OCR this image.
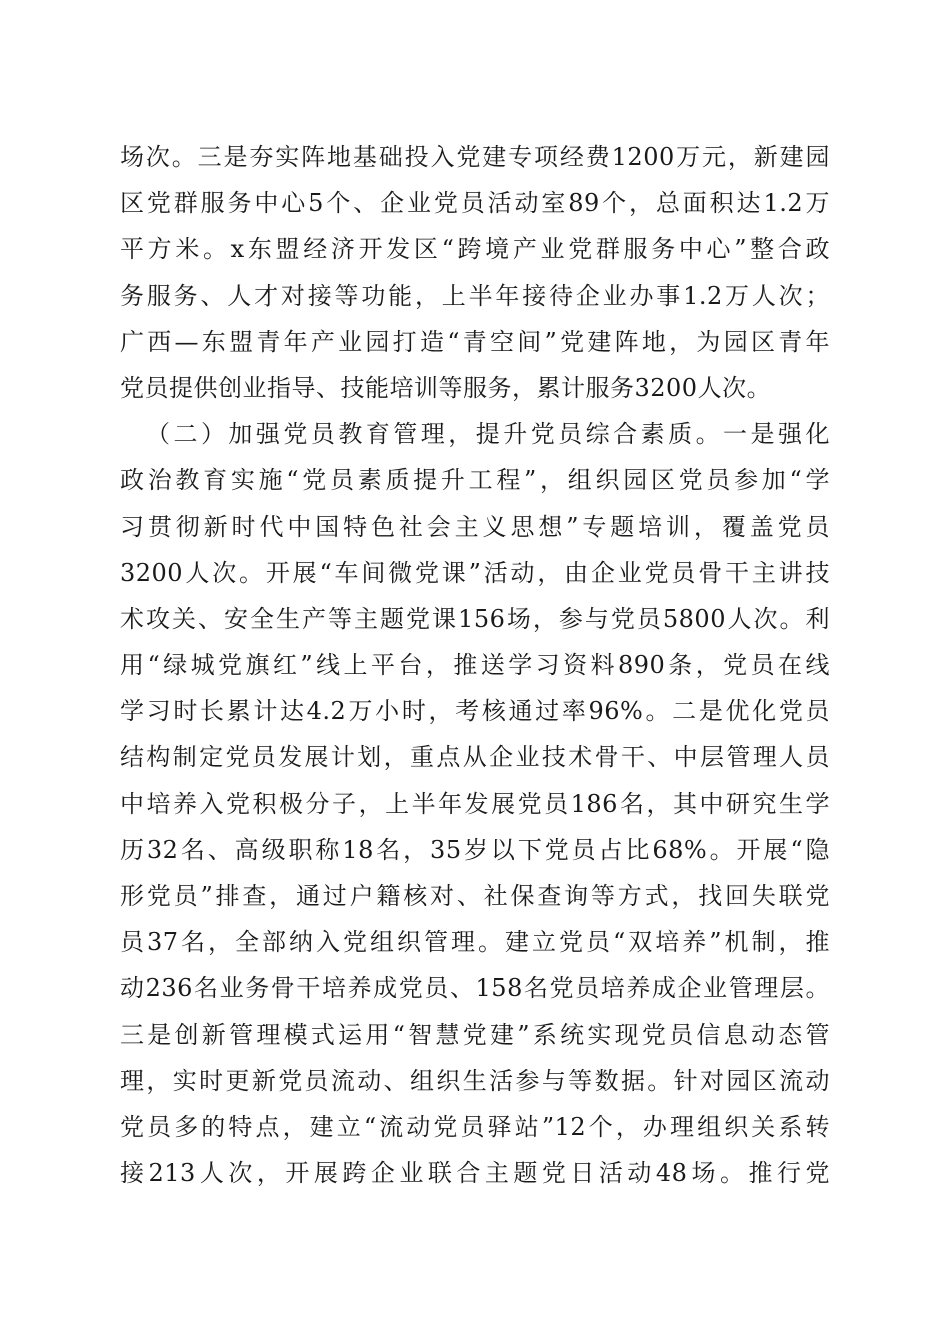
场次。三是夯实阵地基础投入党建专项经费1200万元，新建园
区党群服务中心5个、企业党员活动室89个，总面积达1.2万
平方米。x东盟经济开发区“跨境产业党群服务中心”整合政
务服务、人才对接等功能，上半年接待企业办事1.2万人次；
广西—东盟青年产业园打造“青空间”党建阵地，为园区青年
党员提供创业指导、技能培训等服务，累计服务3200人次。
（二）加强党员教育管理，提升党员综合素质。一是强化
政治教育实施“党员素质提升工程”，组织园区党员参加“学
习贯彻新时代中国特色社会主义思想”专题培训，覆盖党员
3200人次。开展“车间微党课”活动，由企业党员骨干主讲技
术攻关、安全生产等主题党课156场，参与党员5800人次。利
用“绿城党旗红”线上平台，推送学习资料890条，党员在线
学习时长累计达4.2万小时，考核通过率96%。二是优化党员
结构制定党员发展计划，重点从企业技术骨干、中层管理人员
中培养入党积极分子，上半年发展党员186名，其中研究生学
历32名、高级职称18名，35岁以下党员占比68%。开展“隐
形党员”排查，通过户籍核对、社保查询等方式，找回失联党
员37名，全部纳入党组织管理。建立党员“双培养”机制，推
动236名业务骨干培养成党员、158名党员培养成企业管理层。
三是创新管理模式运用“智慧党建”系统实现党员信息动态管
理，实时更新党员流动、组织生活参与等数据。针对园区流动
党员多的特点，建立“流动党员驿站”12个，办理组织关系转
接213人次，开展跨企业联合主题党日活动48场。推行党
